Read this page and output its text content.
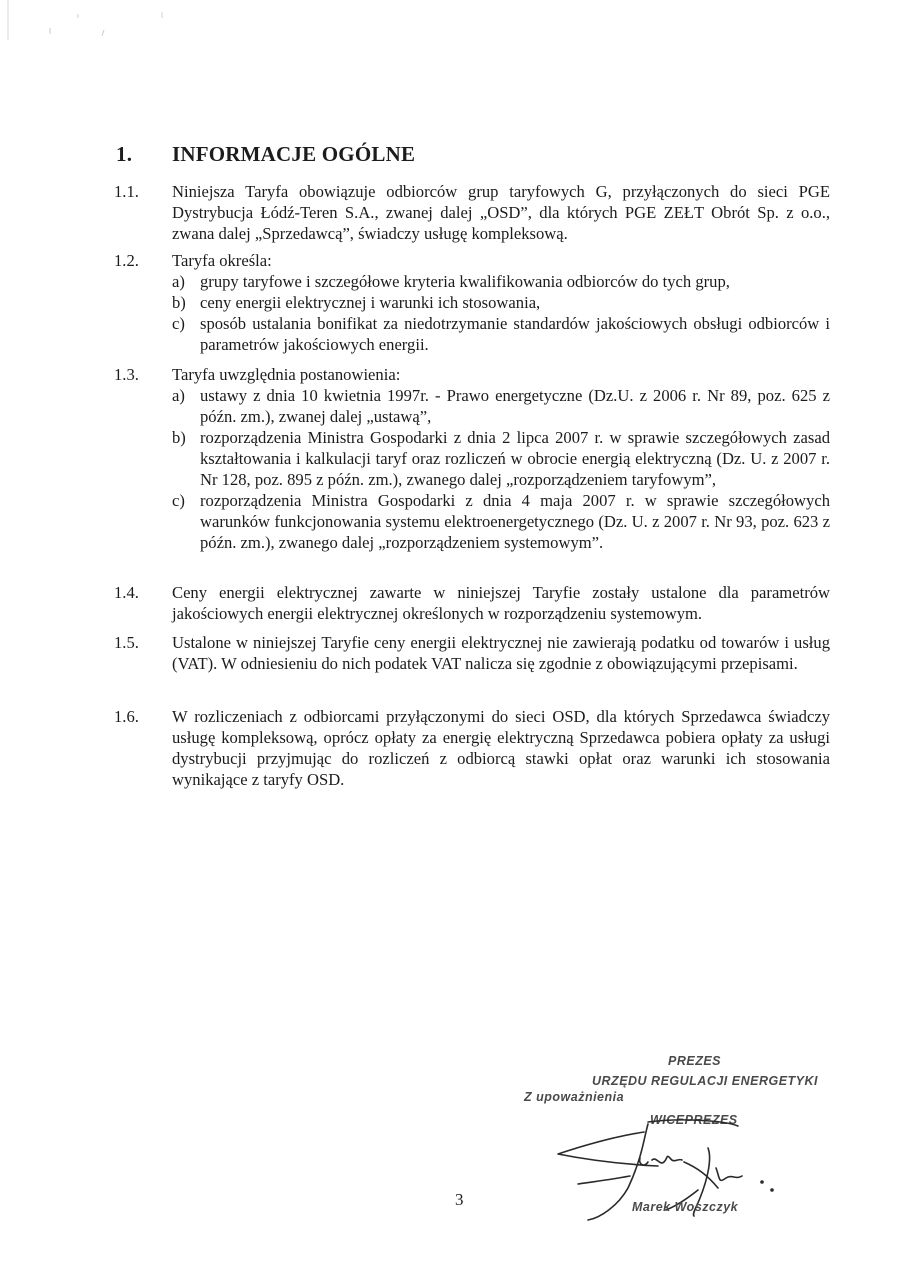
1. INFORMACJE OGÓLNE
1.1. Niniejsza Taryfa obowiązuje odbiorców grup taryfowych G, przyłączonych do sieci PGE Dystrybucja Łódź-Teren S.A., zwanej dalej „OSD”, dla których PGE ZEŁT Obrót Sp. z o.o., zwana dalej „Sprzedawcą”, świadczy usługę kompleksową.

1.2. Taryfa określa:

a) grupy taryfowe i szczegółowe kryteria kwalifikowania odbiorców do tych grup,
b) ceny energii elektrycznej i warunki ich stosowania,
c) sposób ustalania bonifikat za niedotrzymanie standardów jakościowych obsługi odbiorców i parametrów jakościowych energii.
1.3. Taryfa uwzględnia postanowienia:

a) ustawy z dnia 10 kwietnia 1997r. - Prawo energetyczne (Dz.U. z 2006 r. Nr 89, poz. 625 z późn. zm.), zwanej dalej „ustawą”,
b) rozporządzenia Ministra Gospodarki z dnia 2 lipca 2007 r. w sprawie szczegółowych zasad kształtowania i kalkulacji taryf oraz rozliczeń w obrocie energią elektryczną (Dz. U. z 2007 r. Nr 128, poz. 895 z późn. zm.), zwanego dalej „rozporządzeniem taryfowym”,
c) rozporządzenia Ministra Gospodarki z dnia 4 maja 2007 r. w sprawie szczegółowych warunków funkcjonowania systemu elektroenergetycznego (Dz. U. z 2007 r. Nr 93, poz. 623 z późn. zm.), zwanego dalej „rozporządzeniem systemowym”.
1.4. Ceny energii elektrycznej zawarte w niniejszej Taryfie zostały ustalone dla parametrów jakościowych energii elektrycznej określonych w rozporządzeniu systemowym.

1.5. Ustalone w niniejszej Taryfie ceny energii elektrycznej nie zawierają podatku od towarów i usług (VAT). W odniesieniu do nich podatek VAT nalicza się zgodnie z obowiązującymi przepisami.

1.6. W rozliczeniach z odbiorcami przyłączonymi do sieci OSD, dla których Sprzedawca świadczy usługę kompleksową, oprócz opłaty za energię elektryczną Sprzedawca pobiera opłaty za usługi dystrybucji przyjmując do rozliczeń z odbiorcą stawki opłat oraz warunki ich stosowania wynikające z taryfy OSD.

PREZES
URZĘDU REGULACJI ENERGETYKI
Z upoważnienia
WICEPREZES
Marek Woszczyk
3
